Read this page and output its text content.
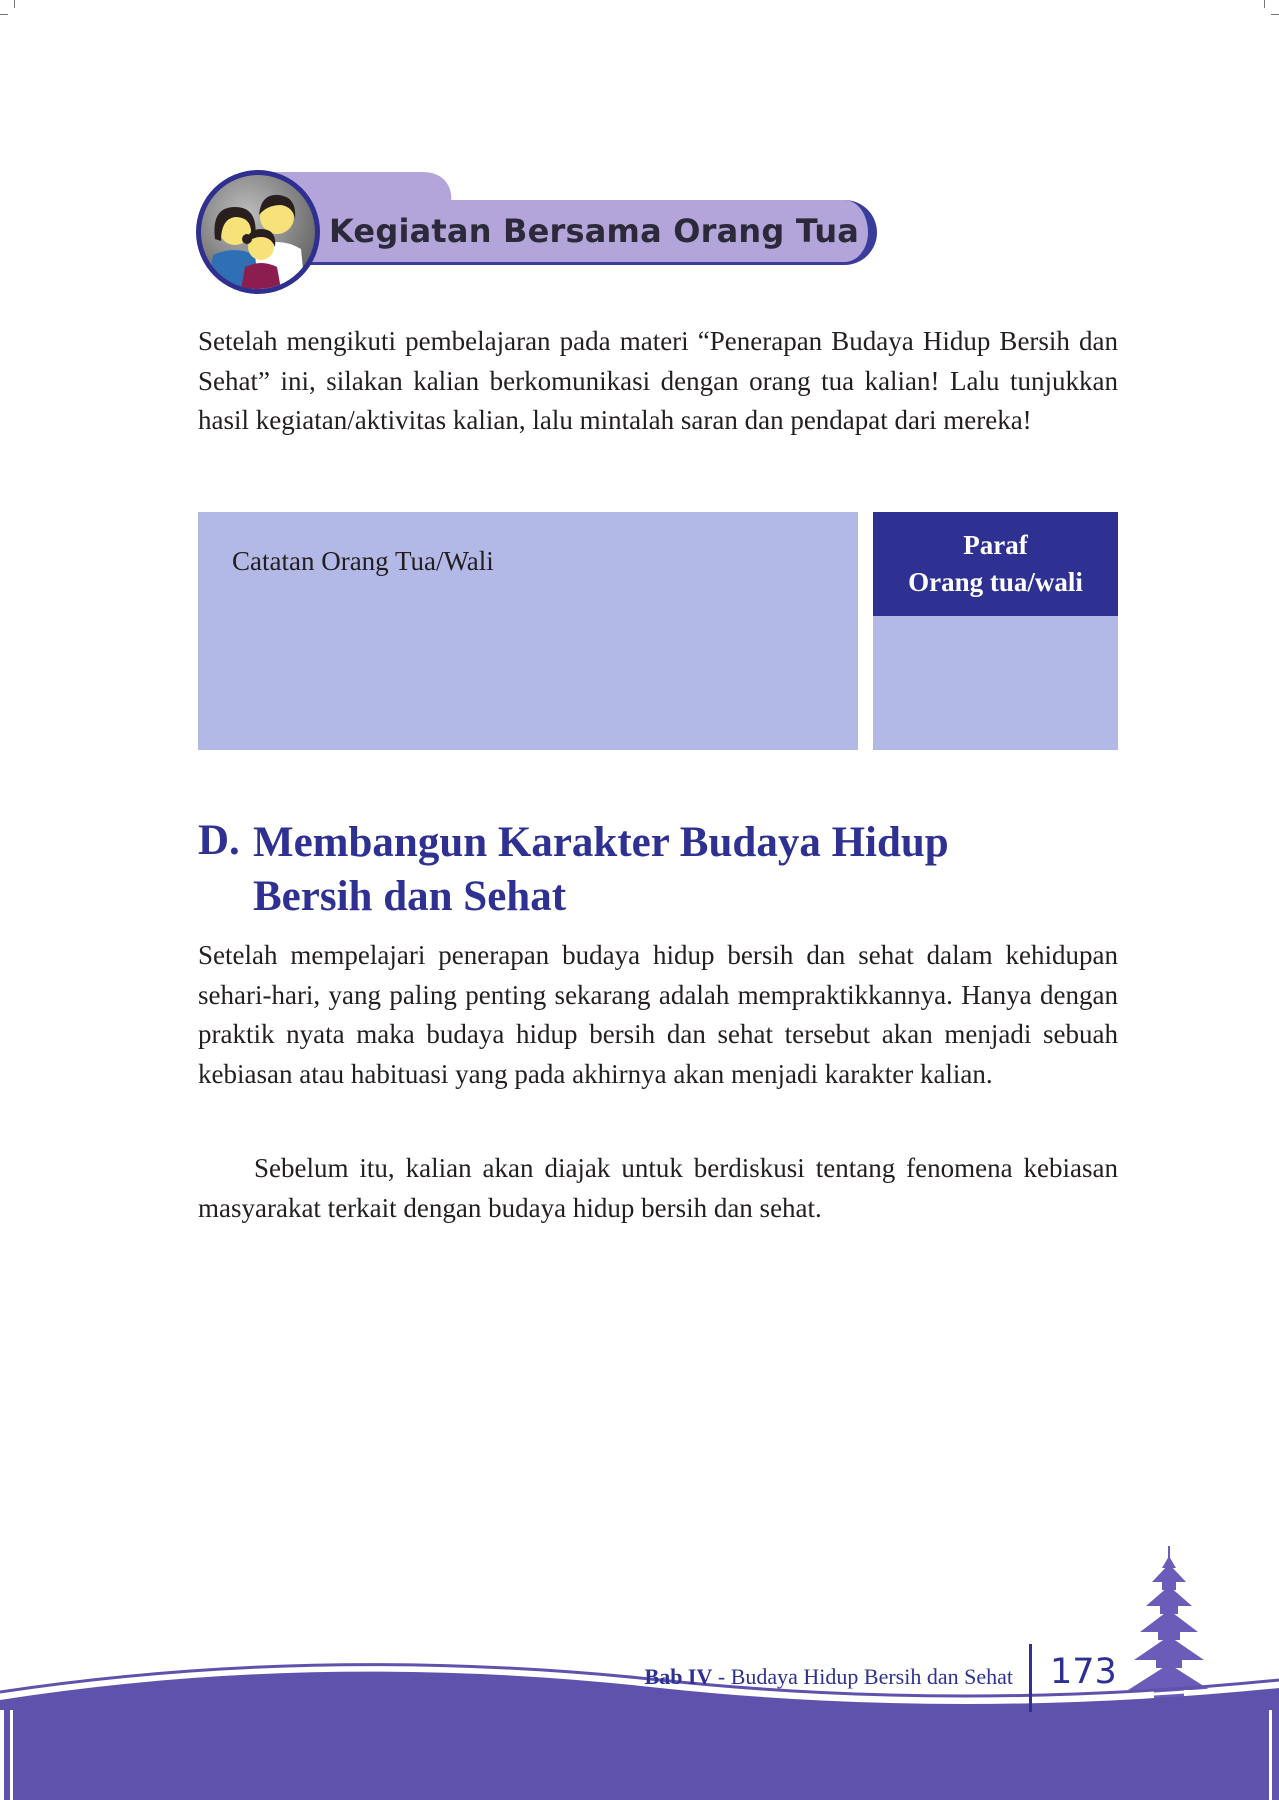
Kegiatan Bersama Orang Tua

Setelah mengikuti pembelajaran pada materi “Penerapan Budaya Hidup Bersih dan Sehat” ini, silakan kalian berkomunikasi dengan orang tua kalian! Lalu tunjukkan hasil kegiatan/aktivitas kalian, lalu mintalah saran dan pendapat dari mereka!

Catatan Orang Tua/Wali
Paraf
Orang tua/wali
D. Membangun Karakter Budaya Hidup
Bersih dan Sehat

Setelah mempelajari penerapan budaya hidup bersih dan sehat dalam kehidupan sehari-hari, yang paling penting sekarang adalah mempraktikkannya. Hanya dengan praktik nyata maka budaya hidup bersih dan sehat tersebut akan menjadi sebuah kebiasan atau habituasi yang pada akhirnya akan menjadi karakter kalian.

Sebelum itu, kalian akan diajak untuk berdiskusi tentang fenomena kebiasan masyarakat terkait dengan budaya hidup bersih dan sehat.

Bab IV - Budaya Hidup Bersih dan Sehat 173
